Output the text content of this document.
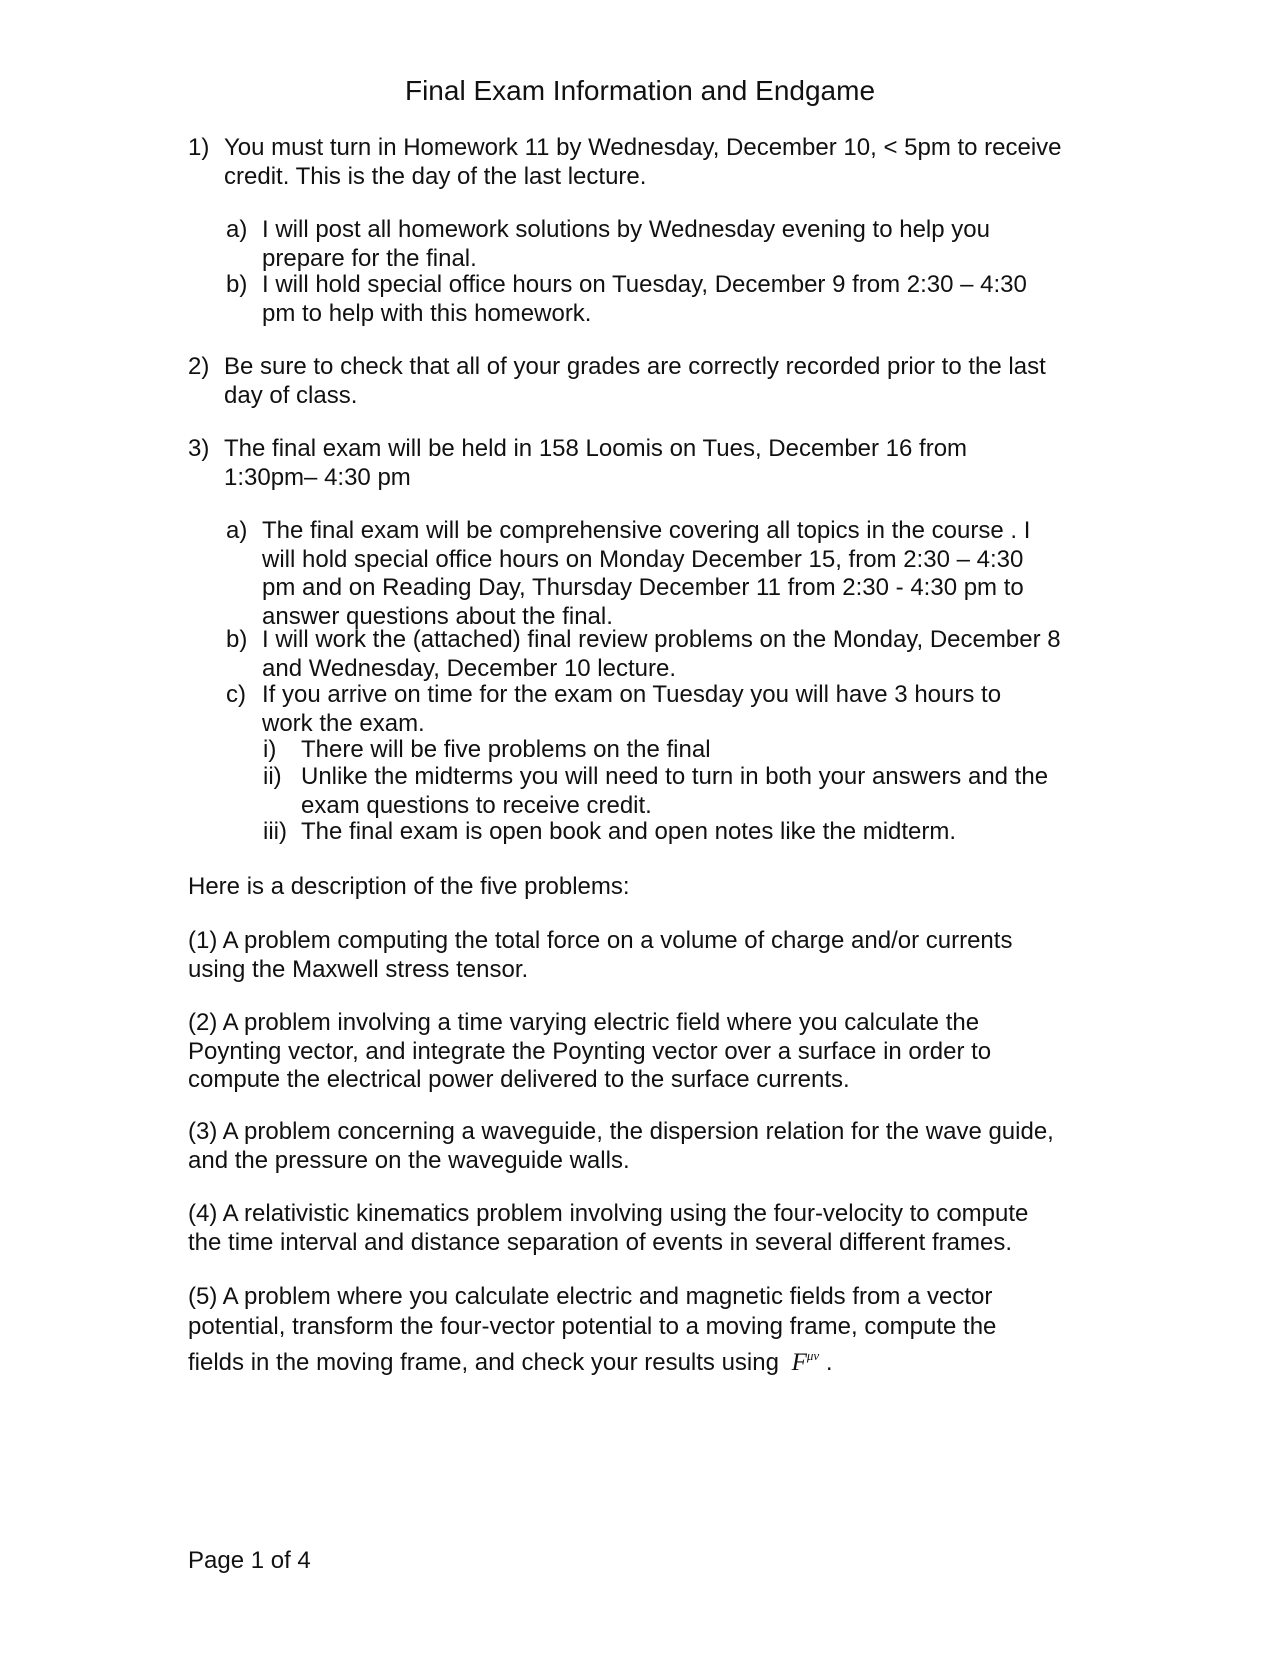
Final Exam Information and Endgame
1) You must turn in Homework 11 by Wednesday, December 10, < 5pm to receive credit. This is the day of the last lecture.
a) I will post all homework solutions by Wednesday evening to help you prepare for the final.
b) I will hold special office hours on Tuesday, December 9 from 2:30 – 4:30 pm to help with this homework.
2) Be sure to check that all of your grades are correctly recorded prior to the last day of class.
3) The final exam will be held in 158 Loomis on Tues, December 16 from 1:30pm– 4:30 pm
a) The final exam will be comprehensive covering all topics in the course . I will hold special office hours on Monday December 15, from 2:30 – 4:30 pm and on Reading Day, Thursday December 11 from 2:30 - 4:30 pm to answer questions about the final.
b) I will work the (attached) final review problems on the Monday, December 8 and Wednesday, December 10 lecture.
c) If you arrive on time for the exam on Tuesday you will have 3 hours to work the exam.
i) There will be five problems on the final
ii) Unlike the midterms you will need to turn in both your answers and the exam questions to receive credit.
iii) The final exam is open book and open notes like the midterm.
Here is a description of the five problems:
(1) A problem computing the total force on a volume of charge and/or currents using the Maxwell stress tensor.
(2) A problem involving a time varying electric field where you calculate the Poynting vector, and integrate the Poynting vector over a surface in order to compute the electrical power delivered to the surface currents.
(3) A problem concerning a waveguide, the dispersion relation for the wave guide, and the pressure on the waveguide walls.
(4) A relativistic kinematics problem involving using the four-velocity to compute the time interval and distance separation of events in several different frames.
(5) A problem where you calculate electric and magnetic fields from a vector potential, transform the four-vector potential to a moving frame, compute the fields in the moving frame, and check your results using $F^{\mu\nu}$ .
Page 1 of 4
